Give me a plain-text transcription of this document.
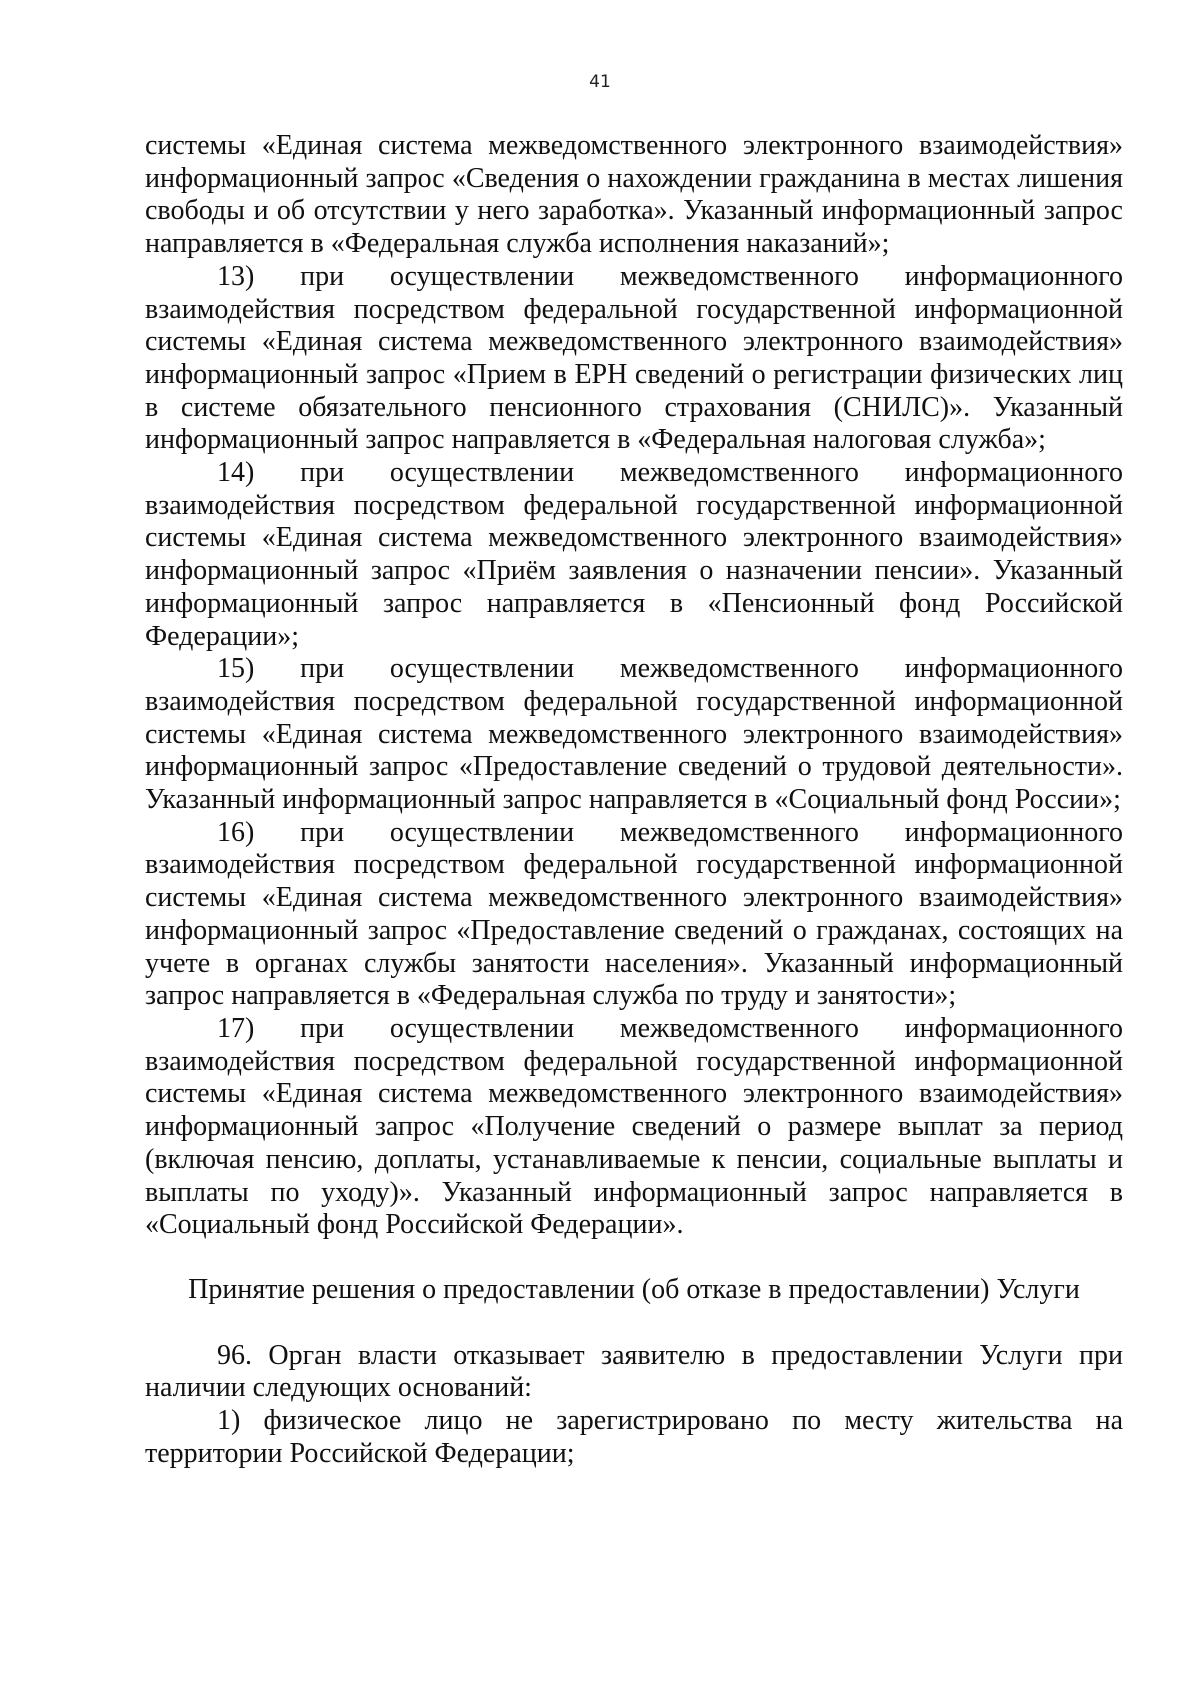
41

системы «Единая система межведомственного электронного взаимодействия» информационный запрос «Сведения о нахождении гражданина в местах лишения свободы и об отсутствии у него заработка». Указанный информационный запрос направляется в «Федеральная служба исполнения наказаний»;

13) при осуществлении межведомственного информационного взаимодействия посредством федеральной государственной информационной системы «Единая система межведомственного электронного взаимодействия» информационный запрос «Прием в ЕРН сведений о регистрации физических лиц в системе обязательного пенсионного страхования (СНИЛС)». Указанный информационный запрос направляется в «Федеральная налоговая служба»;

14) при осуществлении межведомственного информационного взаимодействия посредством федеральной государственной информационной системы «Единая система межведомственного электронного взаимодействия» информационный запрос «Приём заявления о назначении пенсии». Указанный информационный запрос направляется в «Пенсионный фонд Российской Федерации»;

15) при осуществлении межведомственного информационного взаимодействия посредством федеральной государственной информационной системы «Единая система межведомственного электронного взаимодействия» информационный запрос «Предоставление сведений о трудовой деятельности». Указанный информационный запрос направляется в «Социальный фонд России»;

16) при осуществлении межведомственного информационного взаимодействия посредством федеральной государственной информационной системы «Единая система межведомственного электронного взаимодействия» информационный запрос «Предоставление сведений о гражданах, состоящих на учете в органах службы занятости населения». Указанный информационный запрос направляется в «Федеральная служба по труду и занятости»;

17) при осуществлении межведомственного информационного взаимодействия посредством федеральной государственной информационной системы «Единая система межведомственного электронного взаимодействия» информационный запрос «Получение сведений о размере выплат за период (включая пенсию, доплаты, устанавливаемые к пенсии, социальные выплаты и выплаты по уходу)». Указанный информационный запрос направляется в «Социальный фонд Российской Федерации».

Принятие решения о предоставлении (об отказе в предоставлении) Услуги

96. Орган власти отказывает заявителю в предоставлении Услуги при наличии следующих оснований:

1) физическое лицо не зарегистрировано по месту жительства на территории Российской Федерации;
